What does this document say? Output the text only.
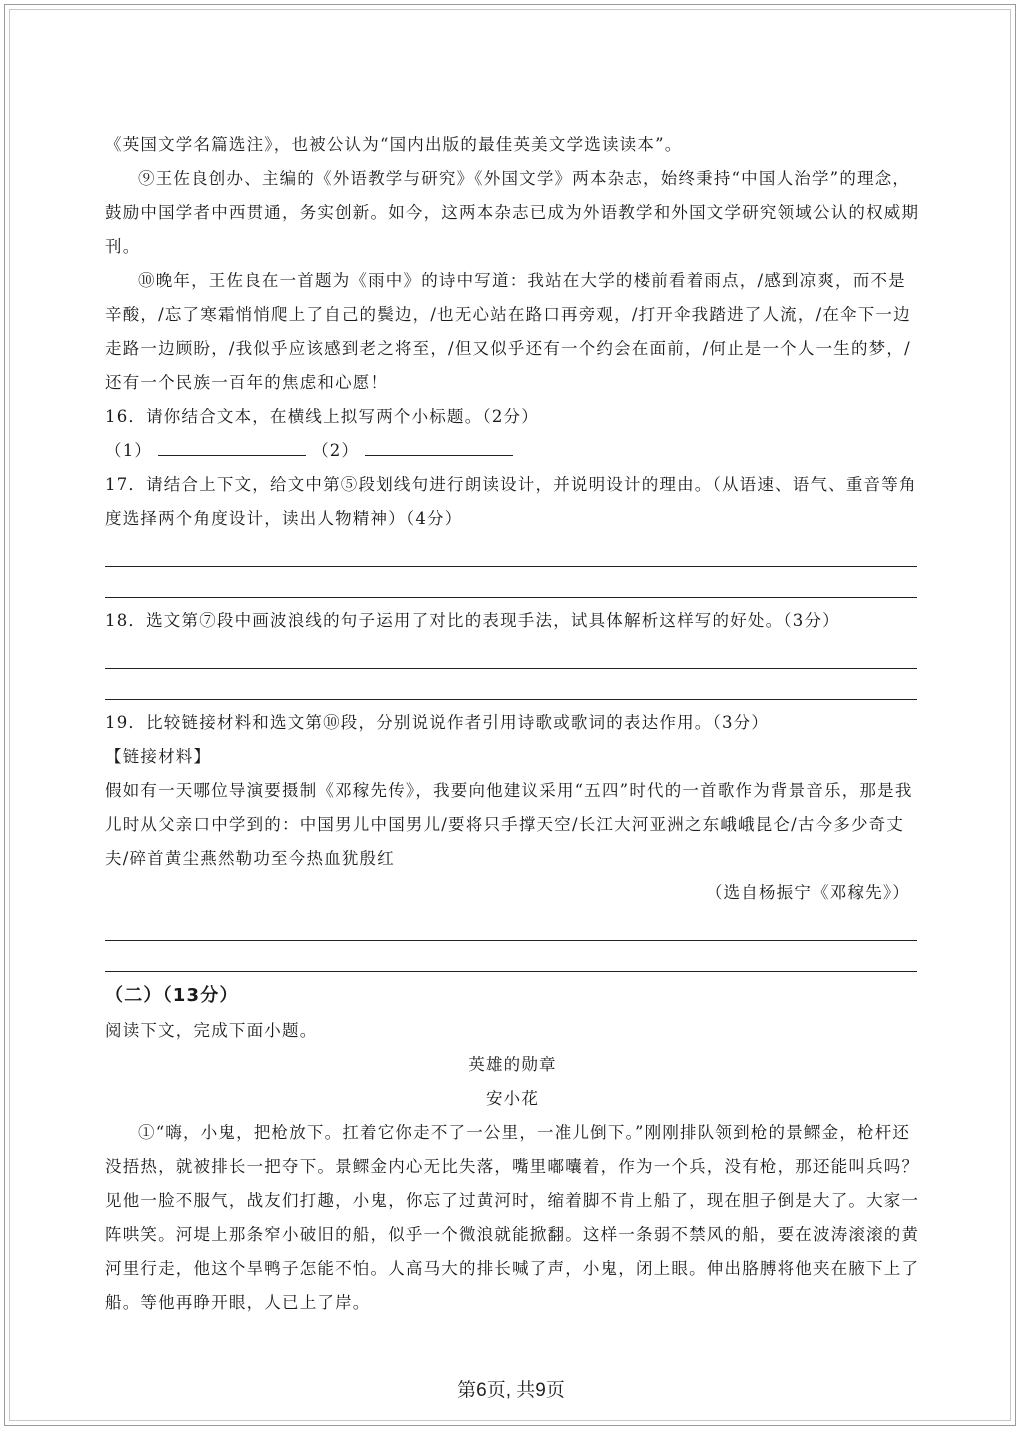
《英国文学名篇选注》，也被公认为“国内出版的最佳英美文学选读读本”。

⑨王佐良创办、主编的《外语教学与研究》《外国文学》两本杂志，始终秉持“中国人治学”的理念，鼓励中国学者中西贯通，务实创新。如今，这两本杂志已成为外语教学和外国文学研究领域公认的权威期刊。

⑩晚年，王佐良在一首题为《雨中》的诗中写道：我站在大学的楼前看着雨点，/感到凉爽，而不是辛酸，/忘了寒霜悄悄爬上了自己的鬓边，/也无心站在路口再旁观，/打开伞我踏进了人流，/在伞下一边走路一边顾盼，/我似乎应该感到老之将至，/但又似乎还有一个约会在面前，/何止是一个人一生的梦，/还有一个民族一百年的焦虑和心愿！

16．请你结合文本，在横线上拟写两个小标题。（2分）

（1）	（2）

17．请结合上下文，给文中第⑤段划线句进行朗读设计，并说明设计的理由。（从语速、语气、重音等角度选择两个角度设计，读出人物精神）（4分）

18．选文第⑦段中画波浪线的句子运用了对比的表现手法，试具体解析这样写的好处。（3分）

19．比较链接材料和选文第⑩段，分别说说作者引用诗歌或歌词的表达作用。（3分）

【链接材料】

假如有一天哪位导演要摄制《邓稼先传》，我要向他建议采用“五四”时代的一首歌作为背景音乐，那是我儿时从父亲口中学到的：中国男儿中国男儿/要将只手撑天空/长江大河亚洲之东峨峨昆仑/古今多少奇丈夫/碎首黄尘燕然勒功至今热血犹殷红

（选自杨振宁《邓稼先》）

（二）（13分）

阅读下文，完成下面小题。

英雄的勋章

安小花

①“嗨，小鬼，把枪放下。扛着它你走不了一公里，一准儿倒下。”刚刚排队领到枪的景鳏金，枪杆还没捂热，就被排长一把夺下。景鳏金内心无比失落，嘴里嘟囔着，作为一个兵，没有枪，那还能叫兵吗？见他一脸不服气，战友们打趣，小鬼，你忘了过黄河时，缩着脚不肯上船了，现在胆子倒是大了。大家一阵哄笑。河堤上那条窄小破旧的船，似乎一个微浪就能掀翻。这样一条弱不禁风的船，要在波涛滚滚的黄河里行走，他这个旱鸭子怎能不怕。人高马大的排长喊了声，小鬼，闭上眼。伸出胳膊将他夹在腋下上了船。等他再睁开眼，人已上了岸。

第6页, 共9页
